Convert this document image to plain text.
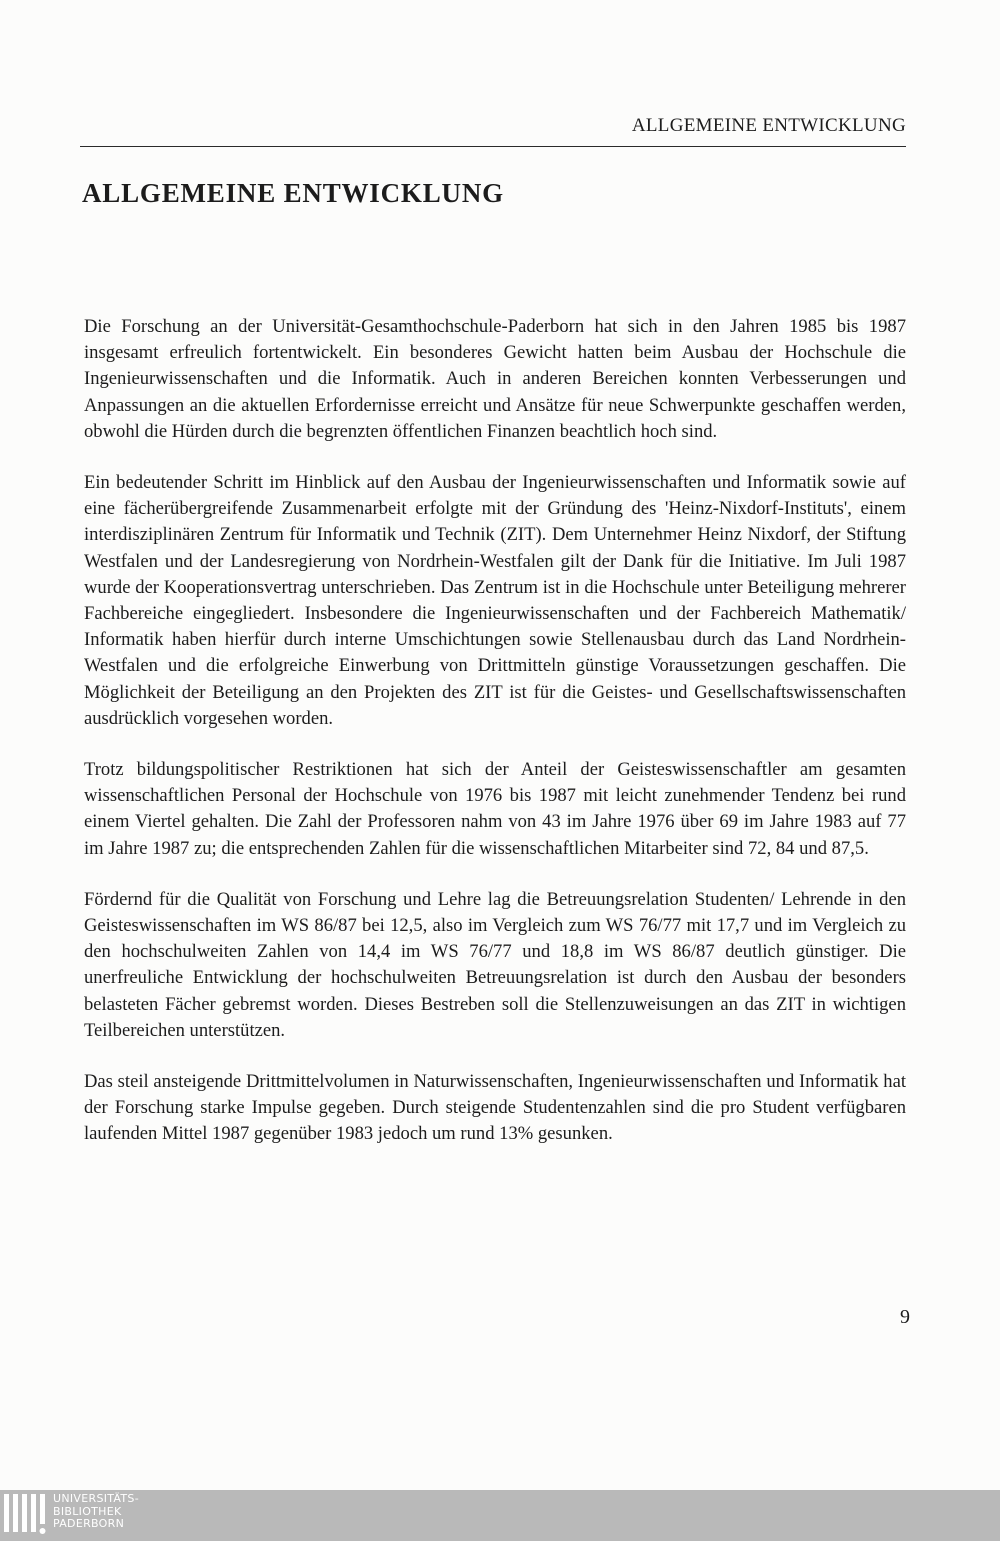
ALLGEMEINE ENTWICKLUNG
ALLGEMEINE ENTWICKLUNG

Die Forschung an der Universität-Gesamthochschule-Paderborn hat sich in den Jahren 1985 bis 1987 insgesamt erfreulich fortentwickelt. Ein besonderes Gewicht hatten beim Ausbau der Hochschule die Ingenieurwissenschaften und die Informatik. Auch in anderen Bereichen konnten Verbesserungen und Anpassungen an die aktuellen Erfordernisse erreicht und Ansätze für neue Schwerpunkte geschaffen werden, obwohl die Hürden durch die begrenzten öffentlichen Finanzen beachtlich hoch sind.

Ein bedeutender Schritt im Hinblick auf den Ausbau der Ingenieurwissenschaften und Informatik sowie auf eine fächerübergreifende Zusammenarbeit erfolgte mit der Gründung des 'Heinz-Nixdorf-Instituts', einem interdisziplinären Zentrum für Informatik und Technik (ZIT). Dem Unternehmer Heinz Nixdorf, der Stiftung Westfalen und der Landesregierung von Nordrhein-Westfalen gilt der Dank für die Initiative. Im Juli 1987 wurde der Kooperationsvertrag unterschrieben. Das Zentrum ist in die Hochschule unter Beteiligung mehrerer Fachbereiche eingegliedert. Insbesondere die Ingenieurwissenschaften und der Fachbereich Mathematik/ Informatik haben hierfür durch interne Umschichtungen sowie Stellenausbau durch das Land Nordrhein-Westfalen und die erfolgreiche Einwerbung von Drittmitteln günstige Voraussetzungen geschaffen. Die Möglichkeit der Beteiligung an den Projekten des ZIT ist für die Geistes- und Gesellschaftswissenschaften ausdrücklich vorgesehen worden.

Trotz bildungspolitischer Restriktionen hat sich der Anteil der Geisteswissenschaftler am gesamten wissenschaftlichen Personal der Hochschule von 1976 bis 1987 mit leicht zunehmender Tendenz bei rund einem Viertel gehalten. Die Zahl der Professoren nahm von 43 im Jahre 1976 über 69 im Jahre 1983 auf 77 im Jahre 1987 zu; die entsprechenden Zahlen für die wissenschaftlichen Mitarbeiter sind 72, 84 und 87,5.

Fördernd für die Qualität von Forschung und Lehre lag die Betreuungsrelation Studenten/ Lehrende in den Geisteswissenschaften im WS 86/87 bei 12,5, also im Vergleich zum WS 76/77 mit 17,7 und im Vergleich zu den hochschulweiten Zahlen von 14,4 im WS 76/77 und 18,8 im WS 86/87 deutlich günstiger. Die unerfreuliche Entwicklung der hochschulweiten Betreuungsrelation ist durch den Ausbau der besonders belasteten Fächer gebremst worden. Dieses Bestreben soll die Stellenzuweisungen an das ZIT in wichtigen Teilbereichen unterstützen.

Das steil ansteigende Drittmittelvolumen in Naturwissenschaften, Ingenieurwissenschaften und Informatik hat der Forschung starke Impulse gegeben. Durch steigende Studentenzahlen sind die pro Student verfügbaren laufenden Mittel 1987 gegenüber 1983 jedoch um rund 13% gesunken.

9
UNIVERSITÄTS-
BIBLIOTHEK
PADERBORN
